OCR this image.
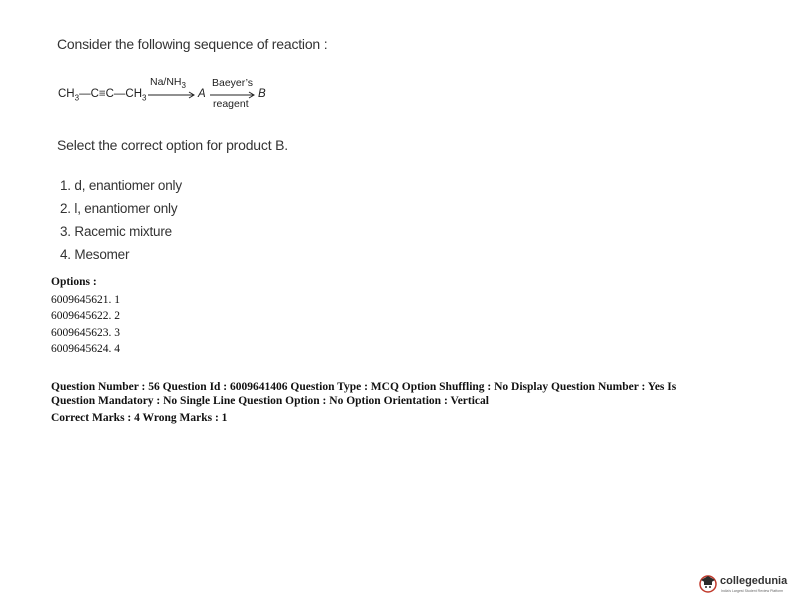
Consider the following sequence of reaction :
$CH_3—C\equiv C—CH_3$
$Na/NH_3$
A
Baeyer’s
reagent
B
Select the correct option for product B.
1. d, enantiomer only
2. l, enantiomer only
3. Racemic mixture
4. Mesomer
Options :
6009645621. 1
6009645622. 2
6009645623. 3
6009645624. 4
Question Number : 56 Question Id : 6009641406 Question Type : MCQ Option Shuffling : No Display Question Number : Yes Is
Question Mandatory : No Single Line Question Option : No Option Orientation : Vertical
Correct Marks : 4 Wrong Marks : 1
collegedunia
India's Largest Student Review Platform
